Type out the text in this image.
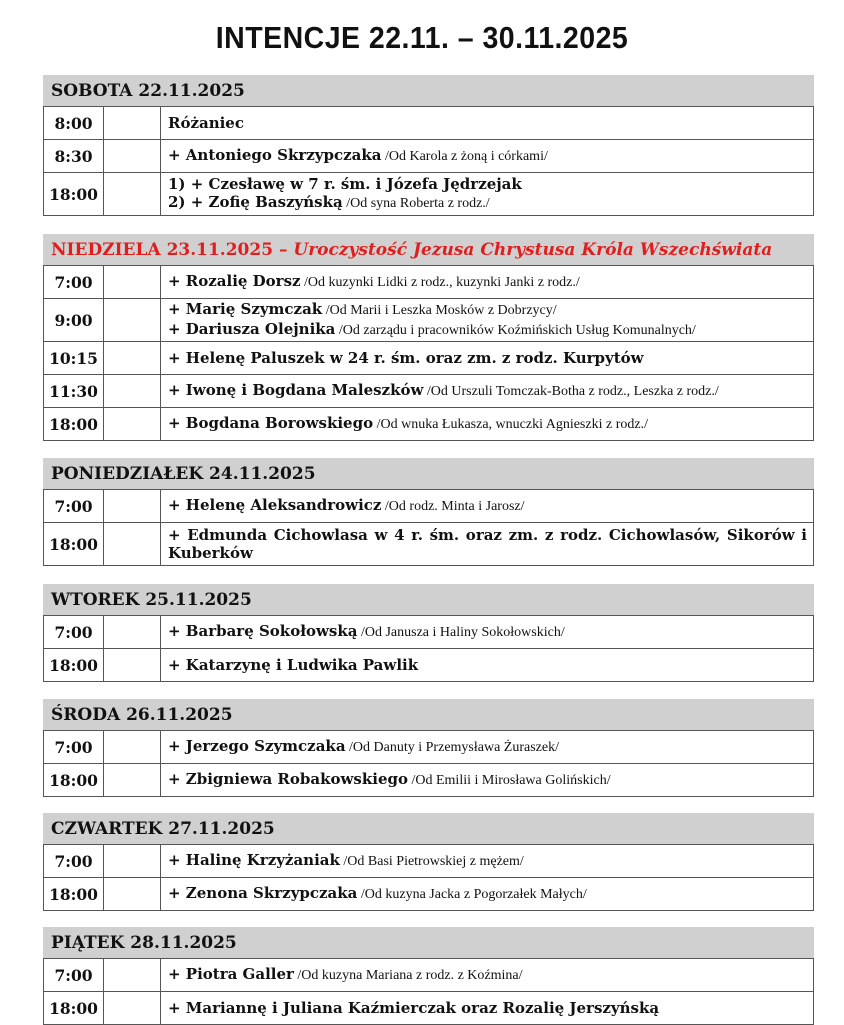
INTENCJE 22.11. – 30.11.2025
SOBOTA 22.11.2025
8:00		Różaniec

8:30		+ Antoniego Skrzypczaka /Od Karola z żoną i córkami/

18:00		1) + Czesławę w 7 r. śm. i Józefa Jędrzejak
2) + Zofię Baszyńską /Od syna Roberta z rodz./
NIEDZIELA 23.11.2025 – Uroczystość Jezusa Chrystusa Króla Wszechświata
7:00		+ Rozalię Dorsz /Od kuzynki Lidki z rodz., kuzynki Janki z rodz./

9:00		+ Marię Szymczak /Od Marii i Leszka Mosków z Dobrzycy/
+ Dariusza Olejnika /Od zarządu i pracowników Koźmińskich Usług Komunalnych/

10:15		+ Helenę Paluszek w 24 r. śm. oraz zm. z rodz. Kurpytów

11:30		+ Iwonę i Bogdana Maleszków /Od Urszuli Tomczak-Botha z rodz., Leszka z rodz./

18:00		+ Bogdana Borowskiego /Od wnuka Łukasza, wnuczki Agnieszki z rodz./
PONIEDZIAŁEK 24.11.2025
7:00		+ Helenę Aleksandrowicz /Od rodz. Minta i Jarosz/

18:00		+ Edmunda Cichowlasa w 4 r. śm. oraz zm. z rodz. Cichowlasów, Sikorów i Kuberków
WTOREK 25.11.2025
7:00		+ Barbarę Sokołowską /Od Janusza i Haliny Sokołowskich/

18:00		+ Katarzynę i Ludwika Pawlik
ŚRODA 26.11.2025
7:00		+ Jerzego Szymczaka /Od Danuty i Przemysława Żuraszek/

18:00		+ Zbigniewa Robakowskiego /Od Emilii i Mirosława Golińskich/
CZWARTEK 27.11.2025
7:00		+ Halinę Krzyżaniak /Od Basi Pietrowskiej z mężem/

18:00		+ Zenona Skrzypczaka /Od kuzyna Jacka z Pogorzałek Małych/
PIĄTEK 28.11.2025
7:00		+ Piotra Galler /Od kuzyna Mariana z rodz. z Koźmina/

18:00		+ Mariannę i Juliana Kaźmierczak oraz Rozalię Jerszyńską
